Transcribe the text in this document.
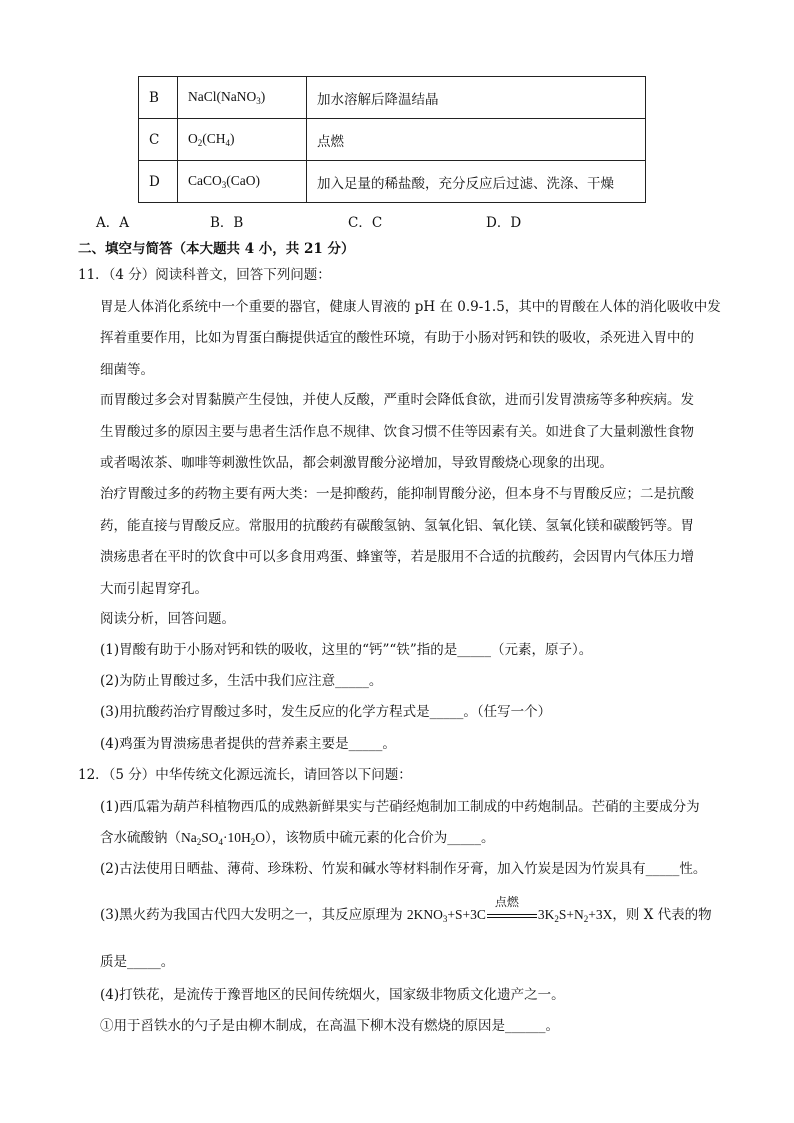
B	NaCl(NaNO$_3$)	加水溶解后降温结晶
C	$O_2(CH_4)$	点燃
D	CaCO$_3$(CaO)	加入足量的稀盐酸，充分反应后过滤、洗涤、干燥
A．A	B．B	C．C	D．D
二、填空与简答（本大题共 4 小，共 21 分）
11．（4 分）阅读科普文，回答下列问题：
胃是人体消化系统中一个重要的器官，健康人胃液的 pH 在 0.9-1.5，其中的胃酸在人体的消化吸收中发
挥着重要作用，比如为胃蛋白酶提供适宜的酸性环境，有助于小肠对钙和铁的吸收，杀死进入胃中的
细菌等。
而胃酸过多会对胃黏膜产生侵蚀，并使人反酸，严重时会降低食欲，进而引发胃溃疡等多种疾病。发
生胃酸过多的原因主要与患者生活作息不规律、饮食习惯不佳等因素有关。如进食了大量刺激性食物
或者喝浓茶、咖啡等刺激性饮品，都会刺激胃酸分泌增加，导致胃酸烧心现象的出现。
治疗胃酸过多的药物主要有两大类：一是抑酸药，能抑制胃酸分泌，但本身不与胃酸反应；二是抗酸
药，能直接与胃酸反应。常服用的抗酸药有碳酸氢钠、氢氧化铝、氧化镁、氢氧化镁和碳酸钙等。胃
溃疡患者在平时的饮食中可以多食用鸡蛋、蜂蜜等，若是服用不合适的抗酸药，会因胃内气体压力增
大而引起胃穿孔。
阅读分析，回答问题。
(1)胃酸有助于小肠对钙和铁的吸收，这里的“钙”“铁”指的是_____（元素，原子）。
(2)为防止胃酸过多，生活中我们应注意_____。
(3)用抗酸药治疗胃酸过多时，发生反应的化学方程式是_____。（任写一个）
(4)鸡蛋为胃溃疡患者提供的营养素主要是_____。
12．（5 分）中华传统文化源远流长，请回答以下问题：
(1)西瓜霜为葫芦科植物西瓜的成熟新鲜果实与芒硝经炮制加工制成的中药炮制品。芒硝的主要成分为
含水硫酸钠$(Na_2SO_4\cdot 10H_2O)$，该物质中硫元素的化合价为_____。
(2)古法使用日晒盐、薄荷、珍珠粉、竹炭和碱水等材料制作牙膏，加入竹炭是因为竹炭具有_____性。
(3)黑火药为我国古代四大发明之一，其反应原理为 $2KNO_3+S+3C$
点燃
$3K_2S+N_2+3X$，则 X 代表的物
质是_____。
(4)打铁花，是流传于豫晋地区的民间传统烟火，国家级非物质文化遗产之一。
①用于舀铁水的勺子是由柳木制成，在高温下柳木没有燃烧的原因是______。
